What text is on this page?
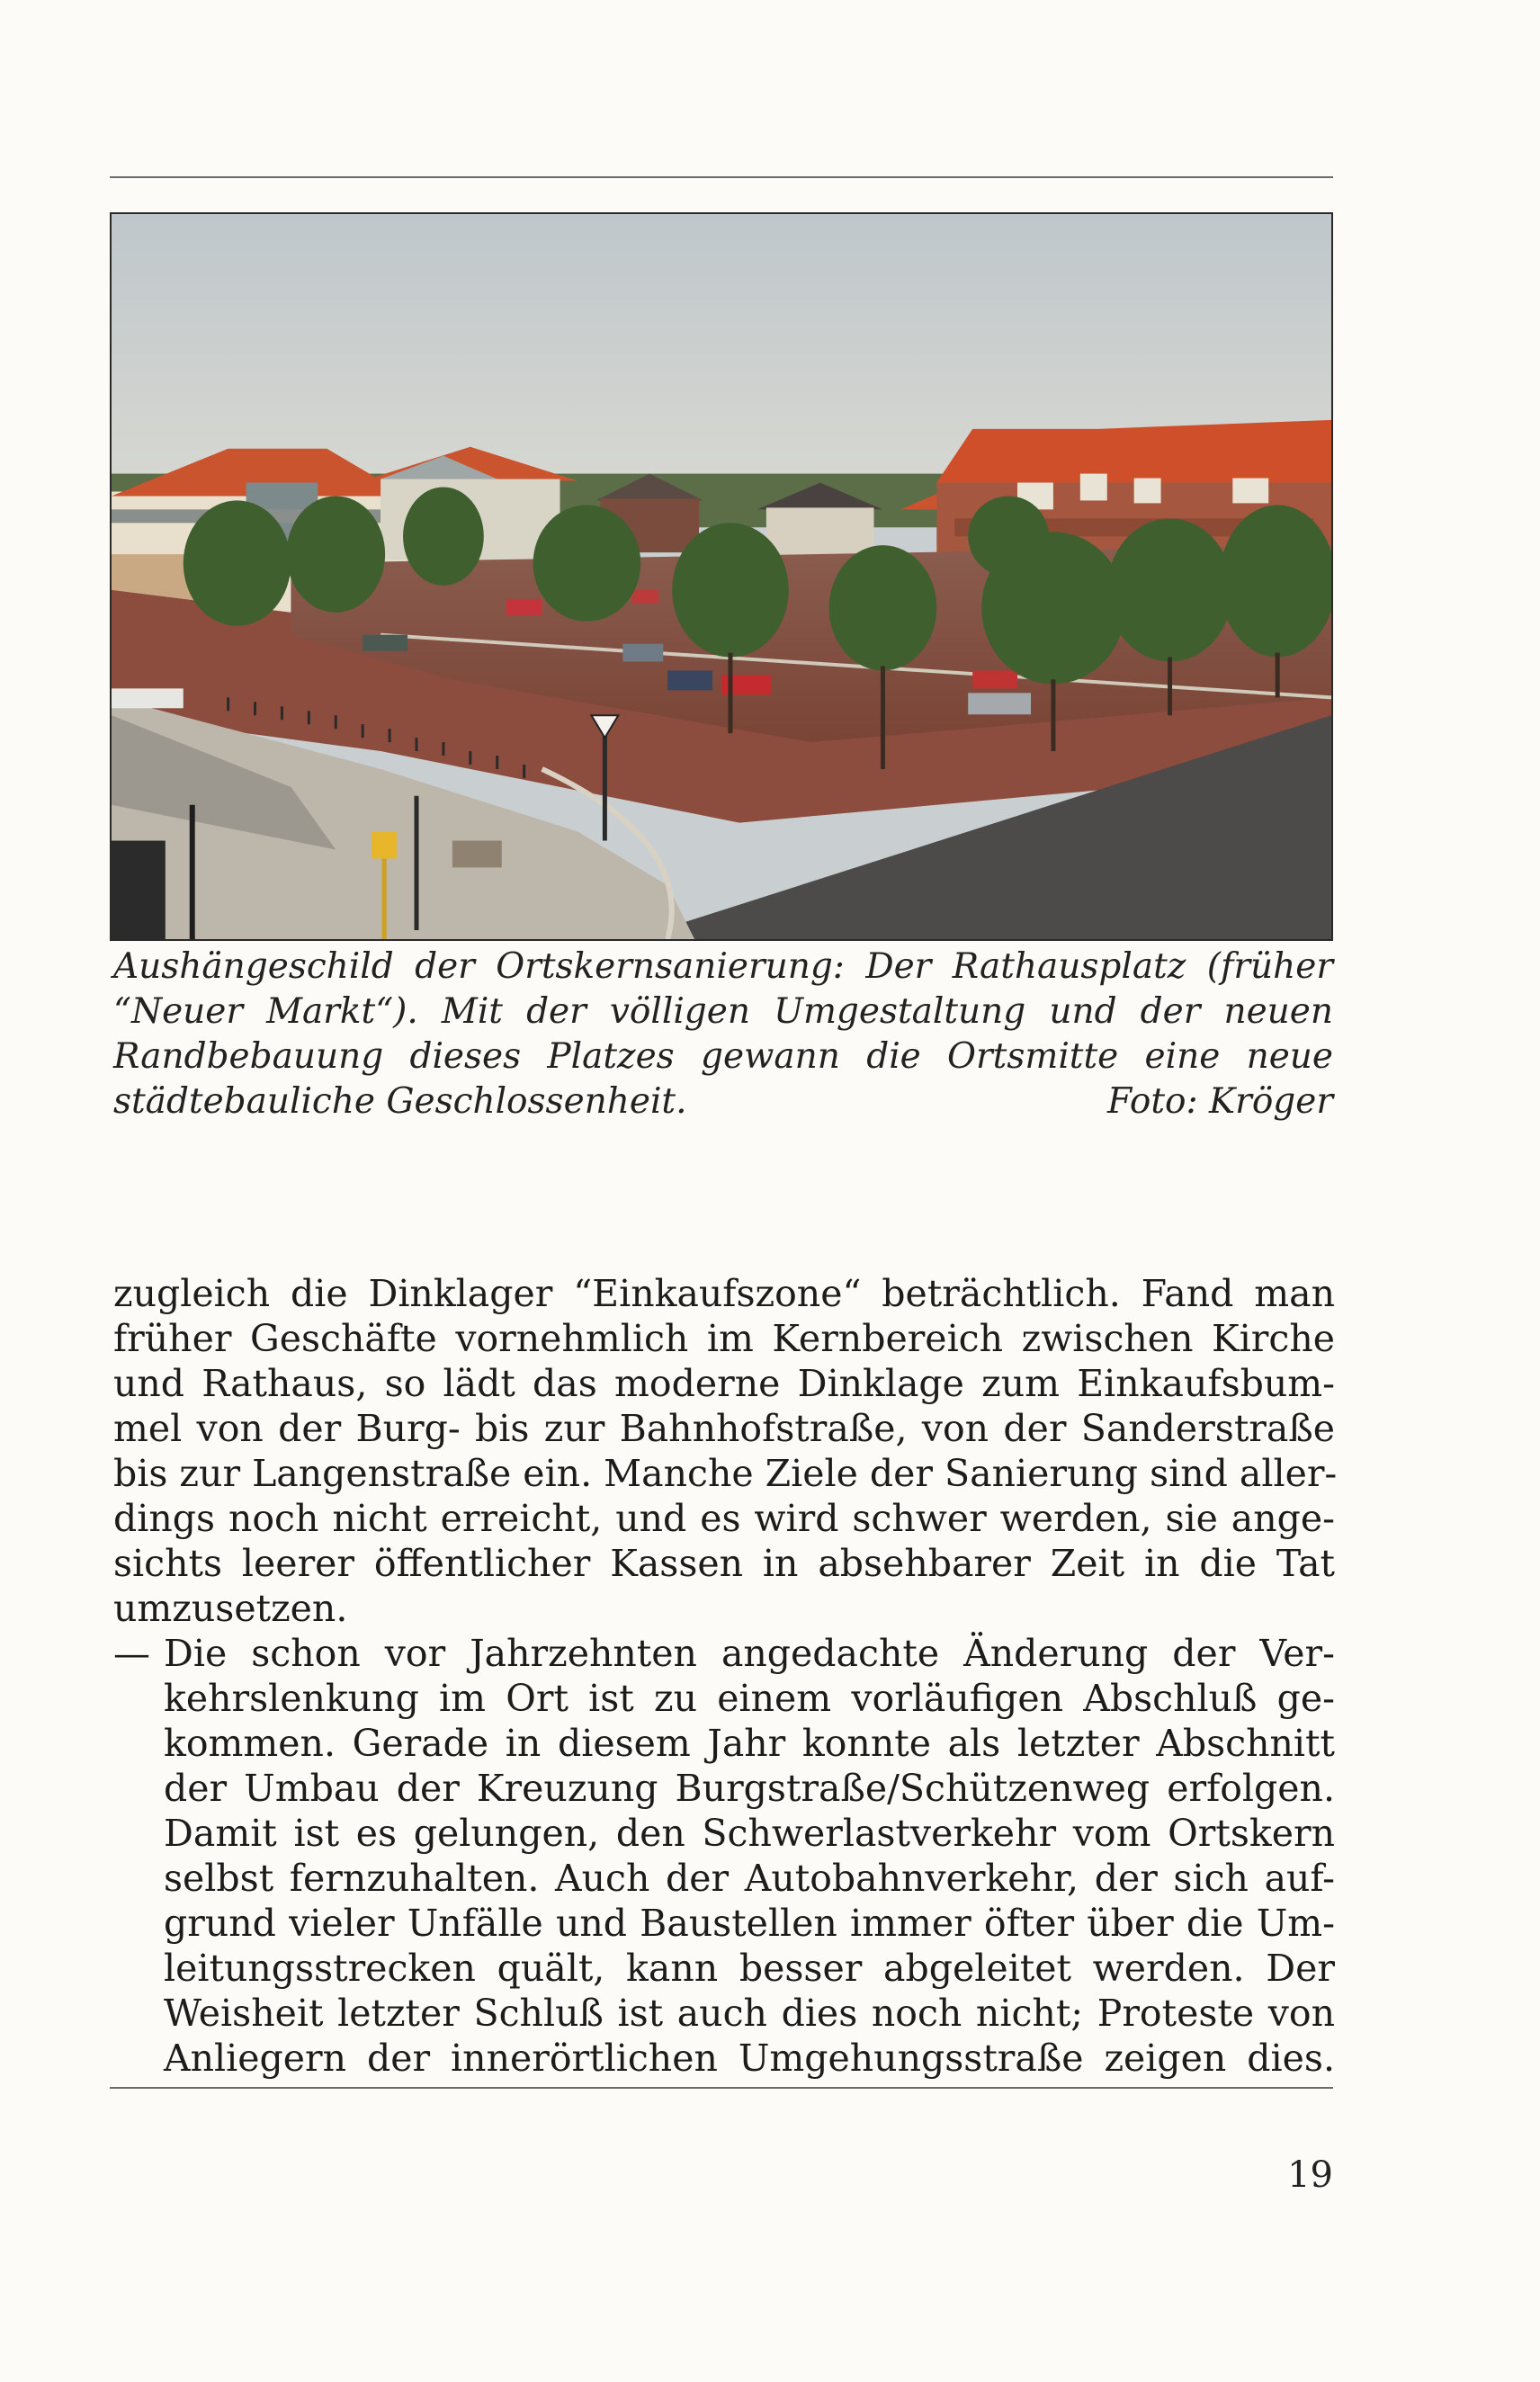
Aushängeschild der Ortskernsanierung: Der Rathausplatz (früher
“Neuer Markt“). Mit der völligen Umgestaltung und der neuen
Randbebauung dieses Platzes gewann die Ortsmitte eine neue
städtebauliche Geschlossenheit.	Foto: Kröger
zugleich die Dinklager “Einkaufszone“ beträchtlich. Fand man
früher Geschäfte vornehmlich im Kernbereich zwischen Kirche
und Rathaus, so lädt das moderne Dinklage zum Einkaufsbum-
mel von der Burg- bis zur Bahnhofstraße, von der Sanderstraße
bis zur Langenstraße ein. Manche Ziele der Sanierung sind aller-
dings noch nicht erreicht, und es wird schwer werden, sie ange-
sichts leerer öffentlicher Kassen in absehbarer Zeit in die Tat
umzusetzen.
— Die schon vor Jahrzehnten angedachte Änderung der Ver-
kehrslenkung im Ort ist zu einem vorläufigen Abschluß ge-
kommen. Gerade in diesem Jahr konnte als letzter Abschnitt
der Umbau der Kreuzung Burgstraße/Schützenweg erfolgen.
Damit ist es gelungen, den Schwerlastverkehr vom Ortskern
selbst fernzuhalten. Auch der Autobahnverkehr, der sich auf-
grund vieler Unfälle und Baustellen immer öfter über die Um-
leitungsstrecken quält, kann besser abgeleitet werden. Der
Weisheit letzter Schluß ist auch dies noch nicht; Proteste von
Anliegern der innerörtlichen Umgehungsstraße zeigen dies.
19
